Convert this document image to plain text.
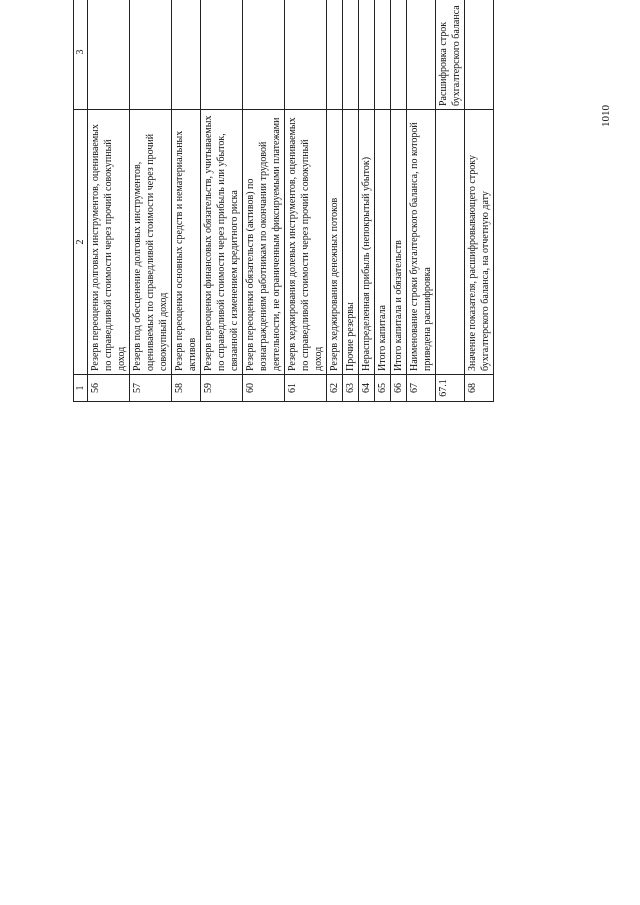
1	2	3	
56	Резерв переоценки долговых инструментов, оцениваемых по справедливой стоимости через прочий совокупный доход		
57	Резерв под обесценение долговых инструментов, оцениваемых по справедливой стоимости через прочий совокупный доход		
58	Резерв переоценки основных средств и нематериальных активов		
59	Резерв переоценки финансовых обязательств, учитываемых по справедливой стоимости через прибыль или убыток, связанной с изменением кредитного риска		
60	Резерв переоценки обязательств (активов) по вознаграждениям работникам по окончании трудовой деятельности, не ограниченным фиксируемыми платежами		
61	Резерв хеджирования долевых инструментов, оцениваемых по справедливой стоимости через прочий совокупный доход		
62	Резерв хеджирования денежных потоков		
63	Прочие резервы		
64	Нераспределенная прибыль (непокрытый убыток)		
65	Итого капитала		
66	Итого капитала и обязательств		
67	Наименование строки бухгалтерского баланса, по которой приведена расшифровка		
67.1		Расшифровка строк бухгалтерского баланса	
68	Значение показателя, расшифровывающего строку бухгалтерского баланса, на отчетную дату		
1010
